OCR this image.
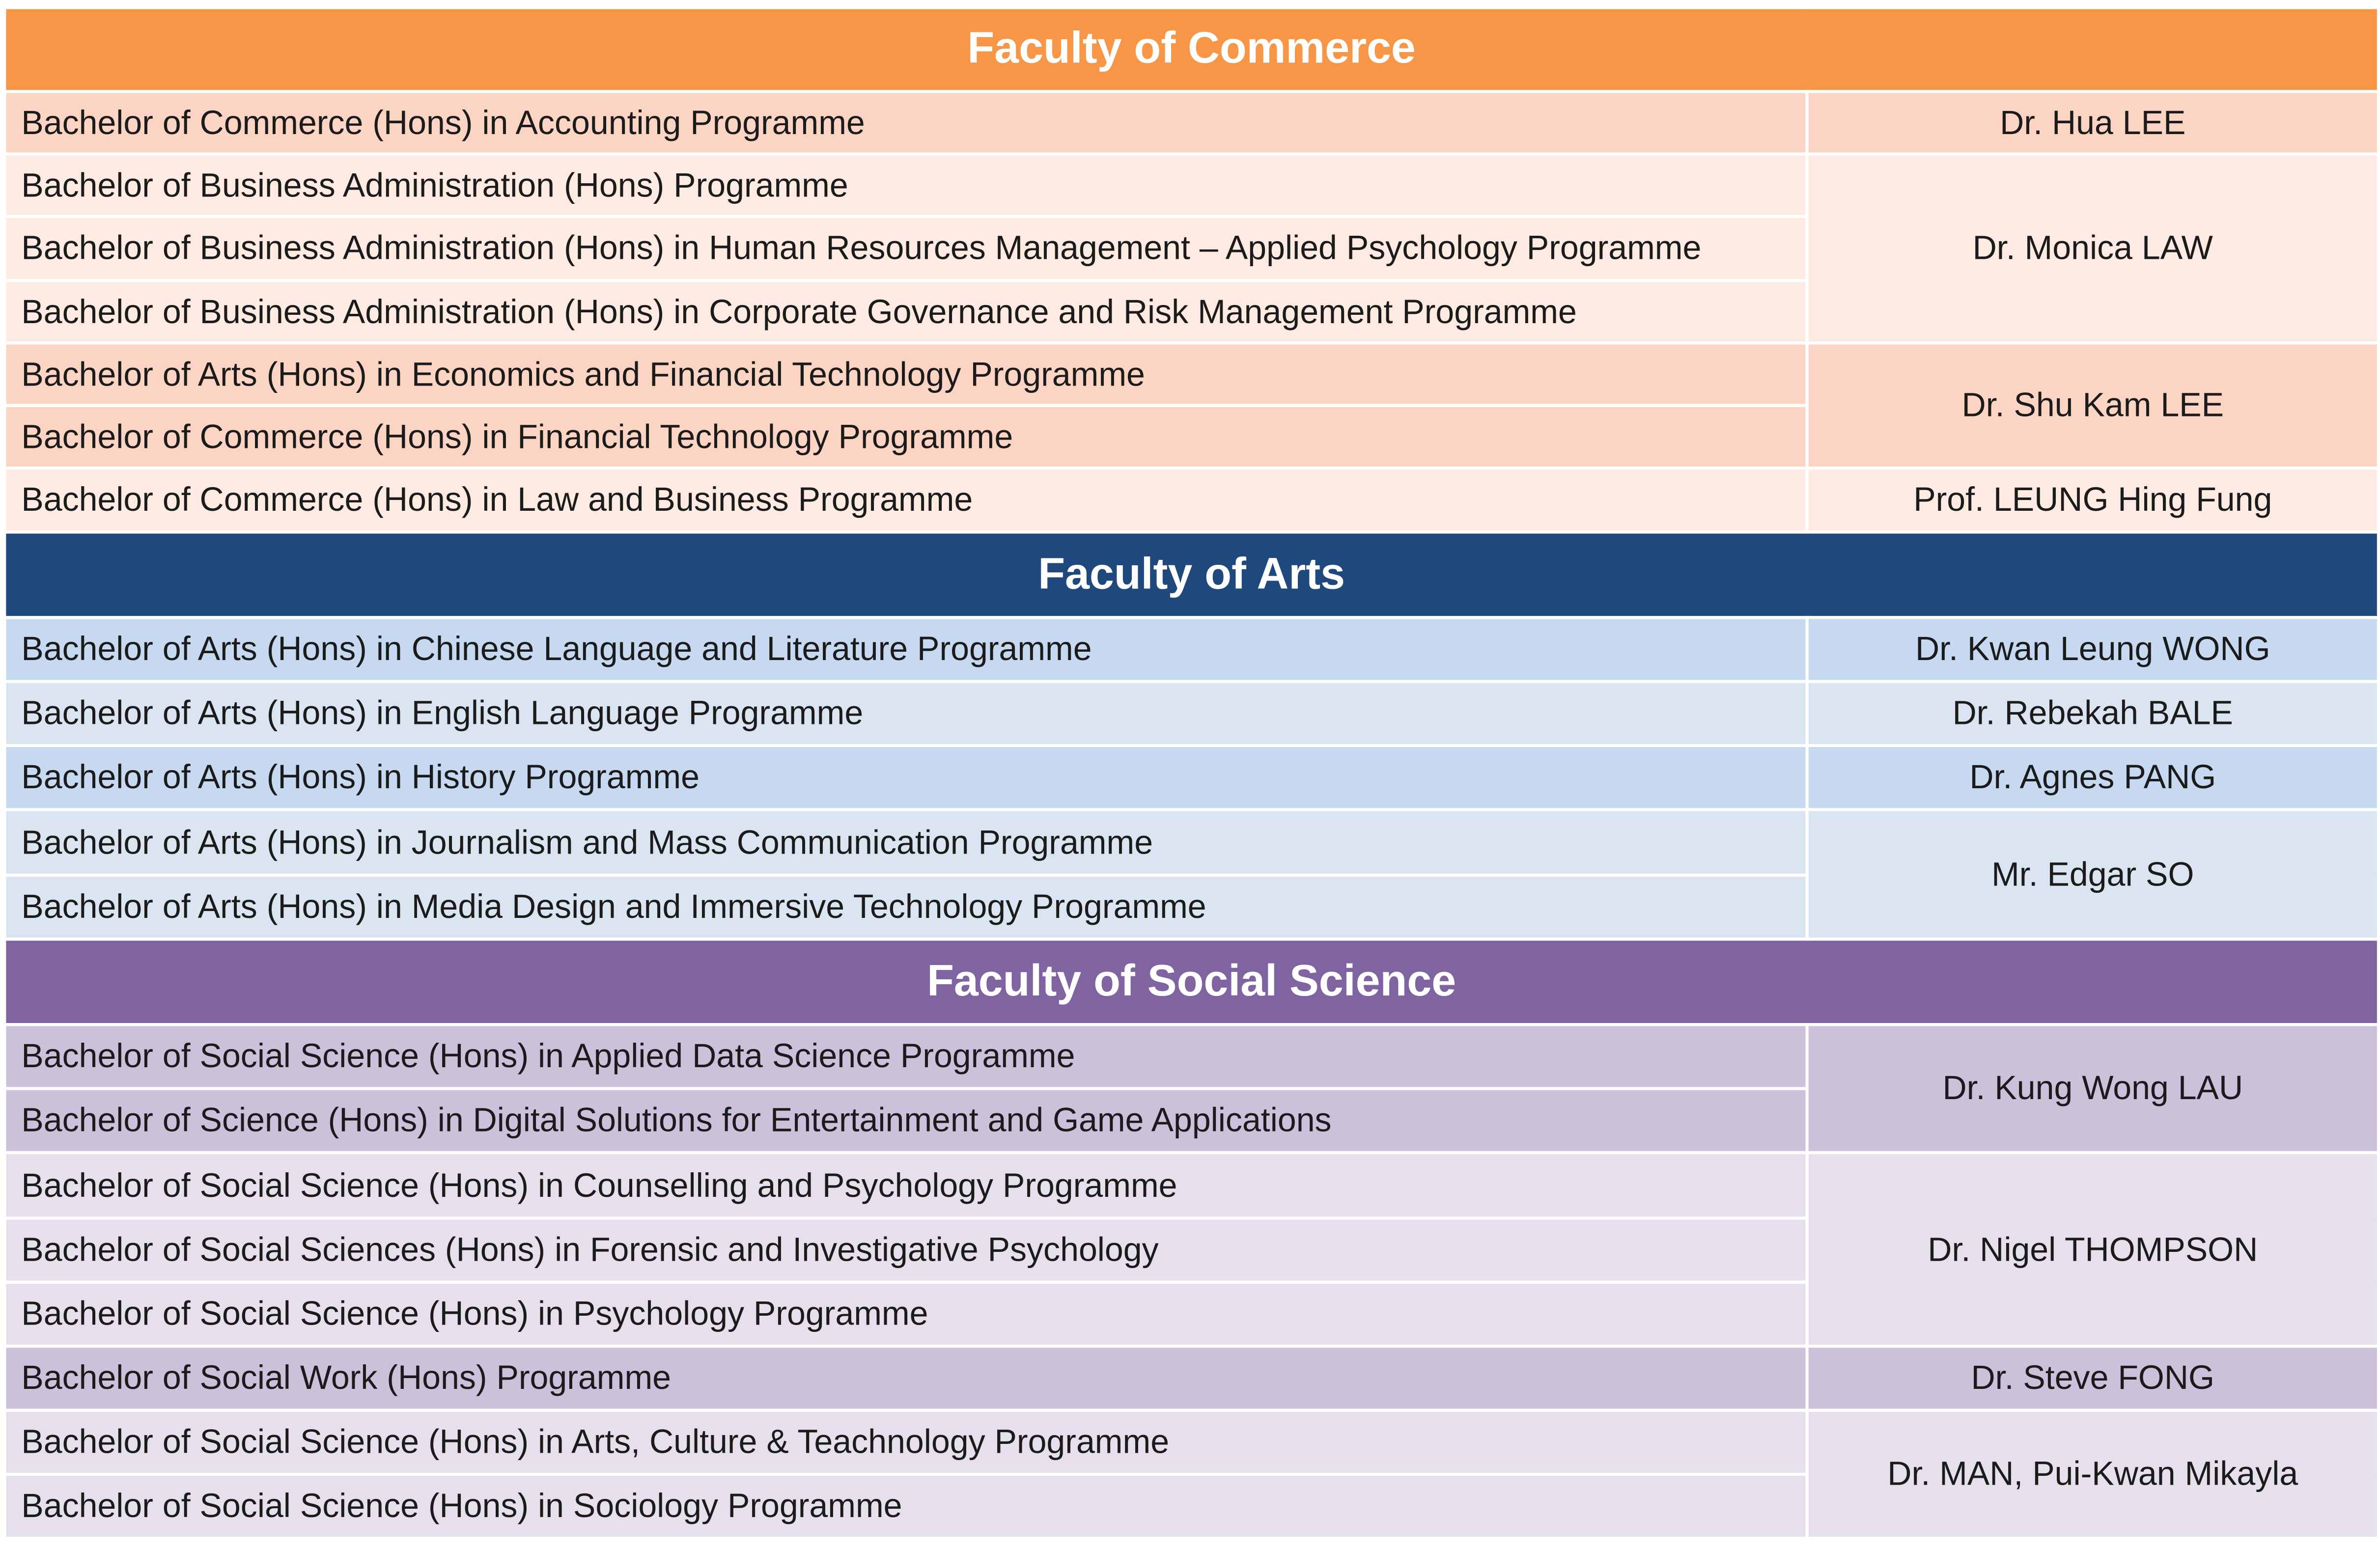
Faculty of Commerce	
Bachelor of Commerce (Hons) in Accounting Programme	Dr. Hua LEE
Bachelor of Business Administration (Hons) Programme	Dr. Monica LAW
Bachelor of Business Administration (Hons) in Human Resources Management – Applied Psychology Programme	
Bachelor of Business Administration (Hons) in Corporate Governance and Risk Management Programme	
Bachelor of Arts (Hons) in Economics and Financial Technology Programme	Dr. Shu Kam LEE
Bachelor of Commerce (Hons) in Financial Technology Programme	
Bachelor of Commerce (Hons) in Law and Business Programme	Prof. LEUNG Hing Fung
Faculty of Arts	
Bachelor of Arts (Hons) in Chinese Language and Literature Programme	Dr. Kwan Leung WONG
Bachelor of Arts (Hons) in English Language Programme	Dr. Rebekah BALE
Bachelor of Arts (Hons) in History Programme	Dr. Agnes PANG
Bachelor of Arts (Hons) in Journalism and Mass Communication Programme	Mr. Edgar SO
Bachelor of Arts (Hons) in Media Design and Immersive Technology Programme	
Faculty of Social Science	
Bachelor of Social Science (Hons) in Applied Data Science Programme	Dr. Kung Wong LAU
Bachelor of Science (Hons) in Digital Solutions for Entertainment and Game Applications	
Bachelor of Social Science (Hons) in Counselling and Psychology Programme	Dr. Nigel THOMPSON
Bachelor of Social Sciences (Hons) in Forensic and Investigative Psychology	
Bachelor of Social Science (Hons) in Psychology Programme	
Bachelor of Social Work (Hons) Programme	Dr. Steve FONG
Bachelor of Social Science (Hons) in Arts, Culture & Teachnology Programme	Dr. MAN, Pui-Kwan Mikayla
Bachelor of Social Science (Hons) in Sociology Programme	
